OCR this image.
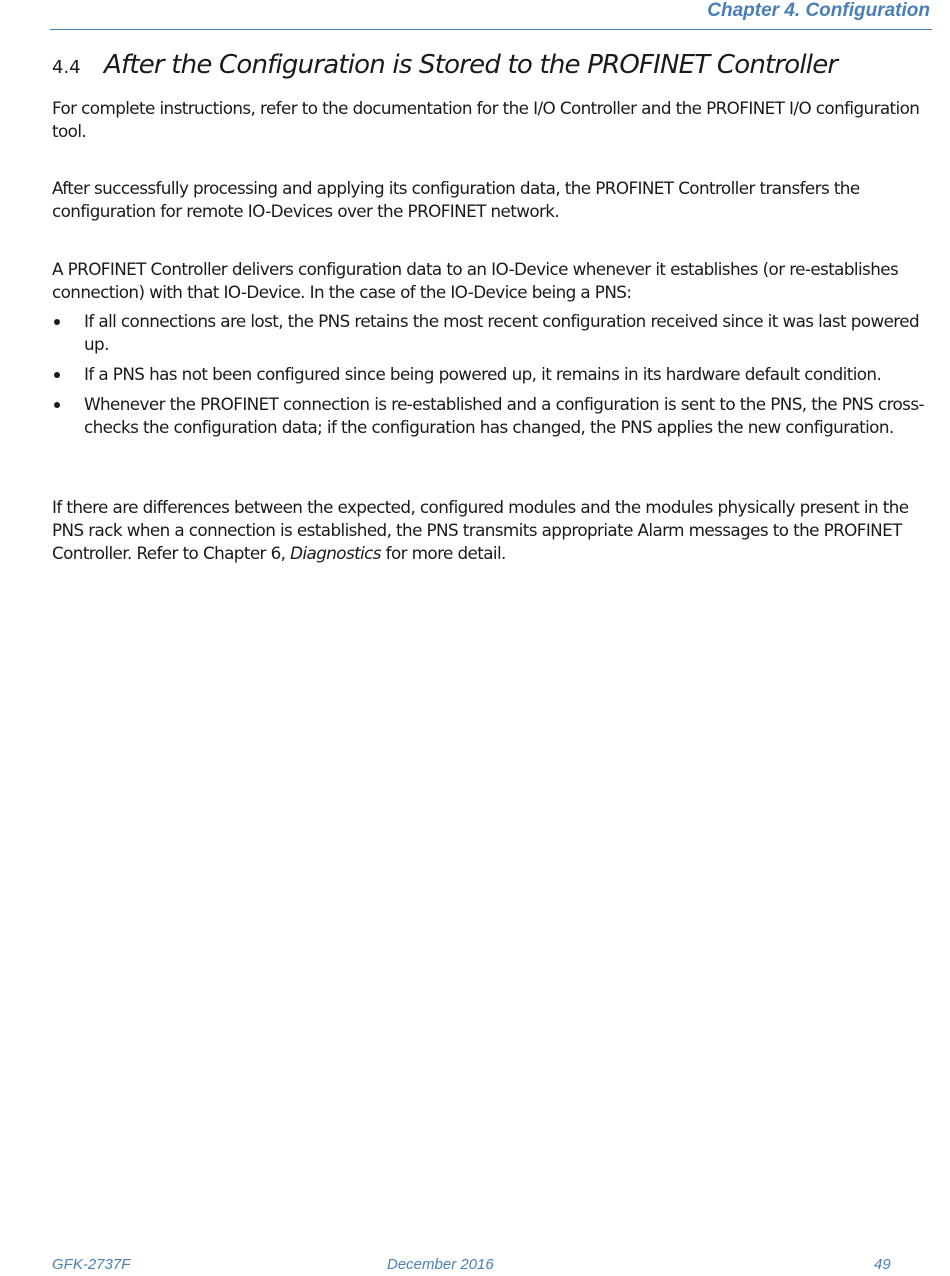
Chapter 4. Configuration
4.4 After the Configuration is Stored to the PROFINET Controller

For complete instructions, refer to the documentation for the I/O Controller and the PROFINET I/O configuration tool.

After successfully processing and applying its configuration data, the PROFINET Controller transfers the configuration for remote IO-Devices over the PROFINET network.

A PROFINET Controller delivers configuration data to an IO-Device whenever it establishes (or re-establishes connection) with that IO-Device. In the case of the IO-Device being a PNS:

If all connections are lost, the PNS retains the most recent configuration received since it was last powered up.
If a PNS has not been configured since being powered up, it remains in its hardware default condition.
Whenever the PROFINET connection is re-established and a configuration is sent to the PNS, the PNS cross-checks the configuration data; if the configuration has changed, the PNS applies the new configuration.

If there are differences between the expected, configured modules and the modules physically present in the PNS rack when a connection is established, the PNS transmits appropriate Alarm messages to the PROFINET Controller. Refer to Chapter 6, Diagnostics for more detail.

GFK-2737F	December 2016	49
